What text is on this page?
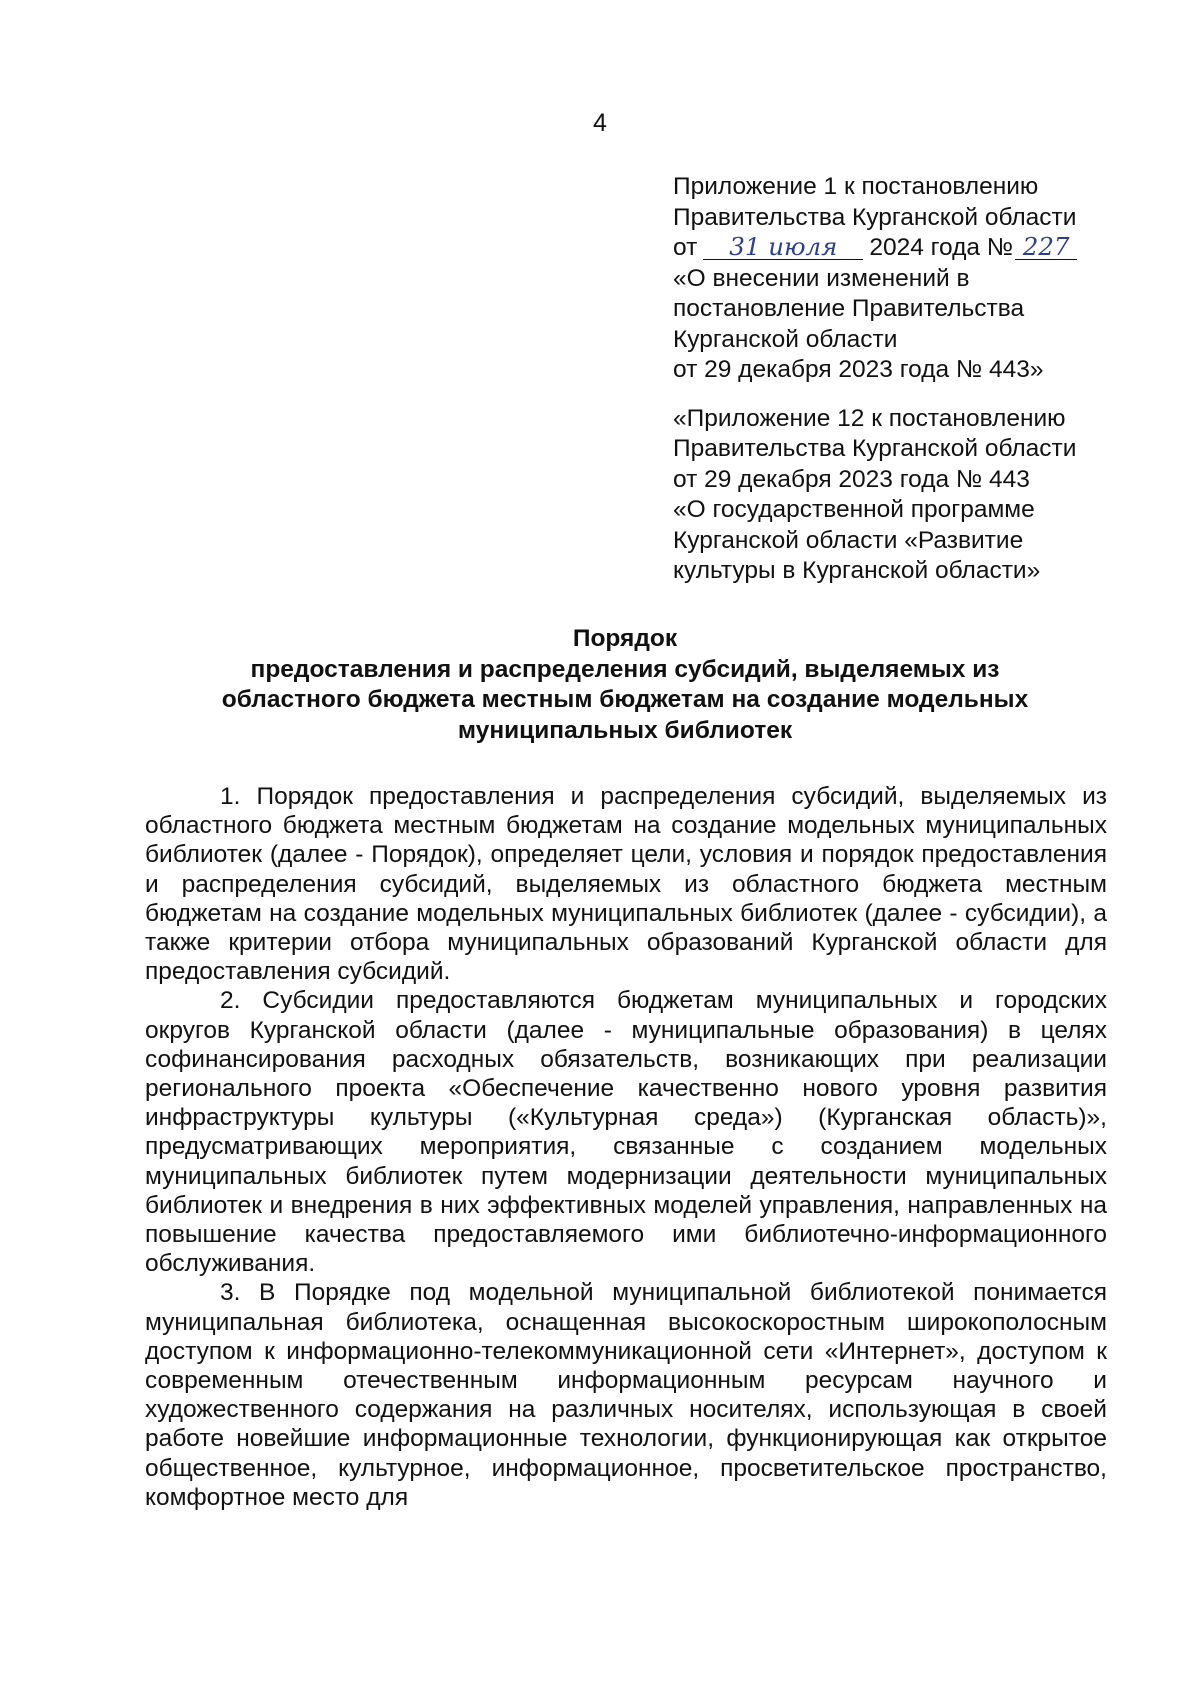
4
Приложение 1 к постановлению
Правительства Курганской области
от 31 июля 2024 года № 227
«О внесении изменений в
постановление Правительства
Курганской области
от 29 декабря 2023 года № 443»
«Приложение 12 к постановлению
Правительства Курганской области
от 29 декабря 2023 года № 443
«О государственной программе
Курганской области «Развитие
культуры в Курганской области»
Порядок
предоставления и распределения субсидий, выделяемых из
областного бюджета местным бюджетам на создание модельных
муниципальных библиотек

1. Порядок предоставления и распределения субсидий, выделяемых из областного бюджета местным бюджетам на создание модельных муниципальных библиотек (далее - Порядок), определяет цели, условия и порядок предоставления и распределения субсидий, выделяемых из областного бюджета местным бюджетам на создание модельных муниципальных библиотек (далее - субсидии), а также критерии отбора муниципальных образований Курганской области для предоставления субсидий.

2. Субсидии предоставляются бюджетам муниципальных и городских округов Курганской области (далее - муниципальные образования) в целях софинансирования расходных обязательств, возникающих при реализации регионального проекта «Обеспечение качественно нового уровня развития инфраструктуры культуры («Культурная среда») (Курганская область)», предусматривающих мероприятия, связанные с созданием модельных муниципальных библиотек путем модернизации деятельности муниципальных библиотек и внедрения в них эффективных моделей управления, направленных на повышение качества предоставляемого ими библиотечно-информационного обслуживания.

3. В Порядке под модельной муниципальной библиотекой понимается муниципальная библиотека, оснащенная высокоскоростным широкополосным доступом к информационно-телекоммуникационной сети «Интернет», доступом к современным отечественным информационным ресурсам научного и художественного содержания на различных носителях, использующая в своей работе новейшие информационные технологии, функционирующая как открытое общественное, культурное, информационное, просветительское пространство, комфортное место для
